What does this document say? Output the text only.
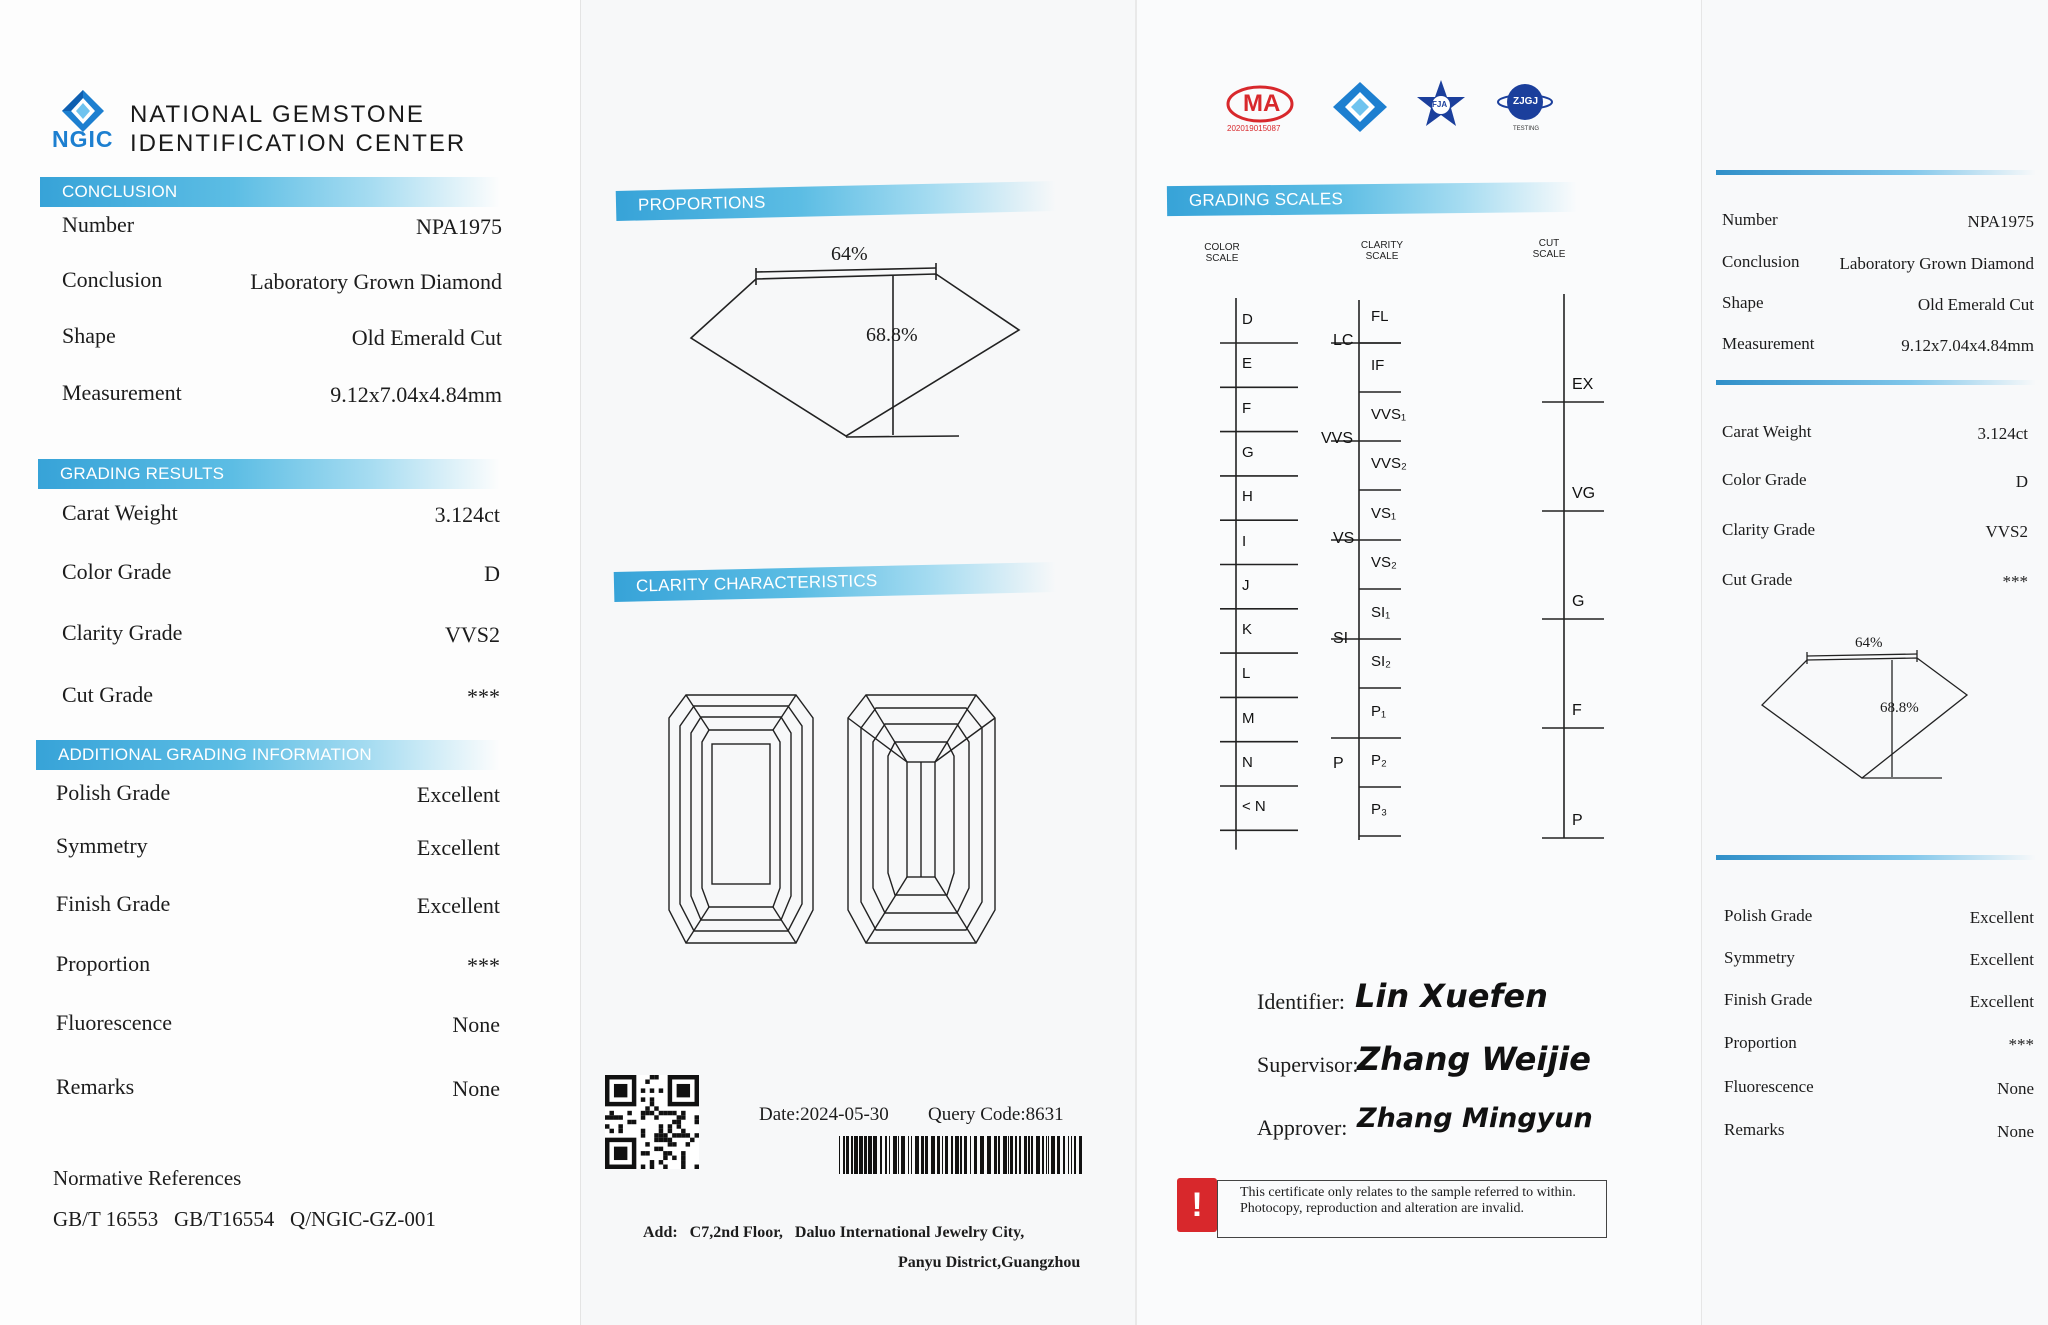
NGIC
NATIONAL GEMSTONE
IDENTIFICATION CENTER
CONCLUSION
Number	NPA1975
Conclusion	Laboratory Grown Diamond
Shape	Old Emerald Cut
Measurement	9.12x7.04x4.84mm
GRADING RESULTS
Carat Weight	3.124ct
Color Grade	D
Clarity Grade	VVS2
Cut Grade	***
ADDITIONAL GRADING INFORMATION
Polish Grade	Excellent
Symmetry	Excellent
Finish Grade	Excellent
Proportion	***
Fluorescence	None
Remarks	None
Normative References
GB/T 16553   GB/T16554   Q/NGIC-GZ-001
PROPORTIONS
64%
68.8%
CLARITY CHARACTERISTICS
Date:2024-05-30 Query Code:8631
Add:   C7,2nd Floor,   Daluo International Jewelry City,
Panyu District,Guangzhou
MA
202019015087
FJA	ZJGJ
TESTING
GRADING SCALES
COLOR
SCALE
CLARITY
SCALE
CUT
SCALE
D
E
F
G
H
I
J
K
L
M
N
< N
FL
IF
VVS₁
VVS₂
VS₁
VS₂
SI₁
SI₂
P₁
P₂
P₃
LC
VVS
VS
SI
P
EX
VG
G
F
P
Identifier: Lin Xuefen
Supervisor:
Zhang Weijie
Approver: Zhang Mingyun
!	This certificate only relates to the sample referred to within. Photocopy, reproduction and alteration are invalid.
Number	NPA1975
Conclusion Laboratory Grown Diamond
Shape	Old Emerald Cut
Measurement	9.12x7.04x4.84mm
Carat Weight	3.124ct
Color Grade	D
Clarity Grade	VVS2
Cut Grade	***
64%
68.8%
Polish Grade	Excellent
Symmetry	Excellent
Finish Grade	Excellent
Proportion	***
Fluorescence	None
Remarks	None
